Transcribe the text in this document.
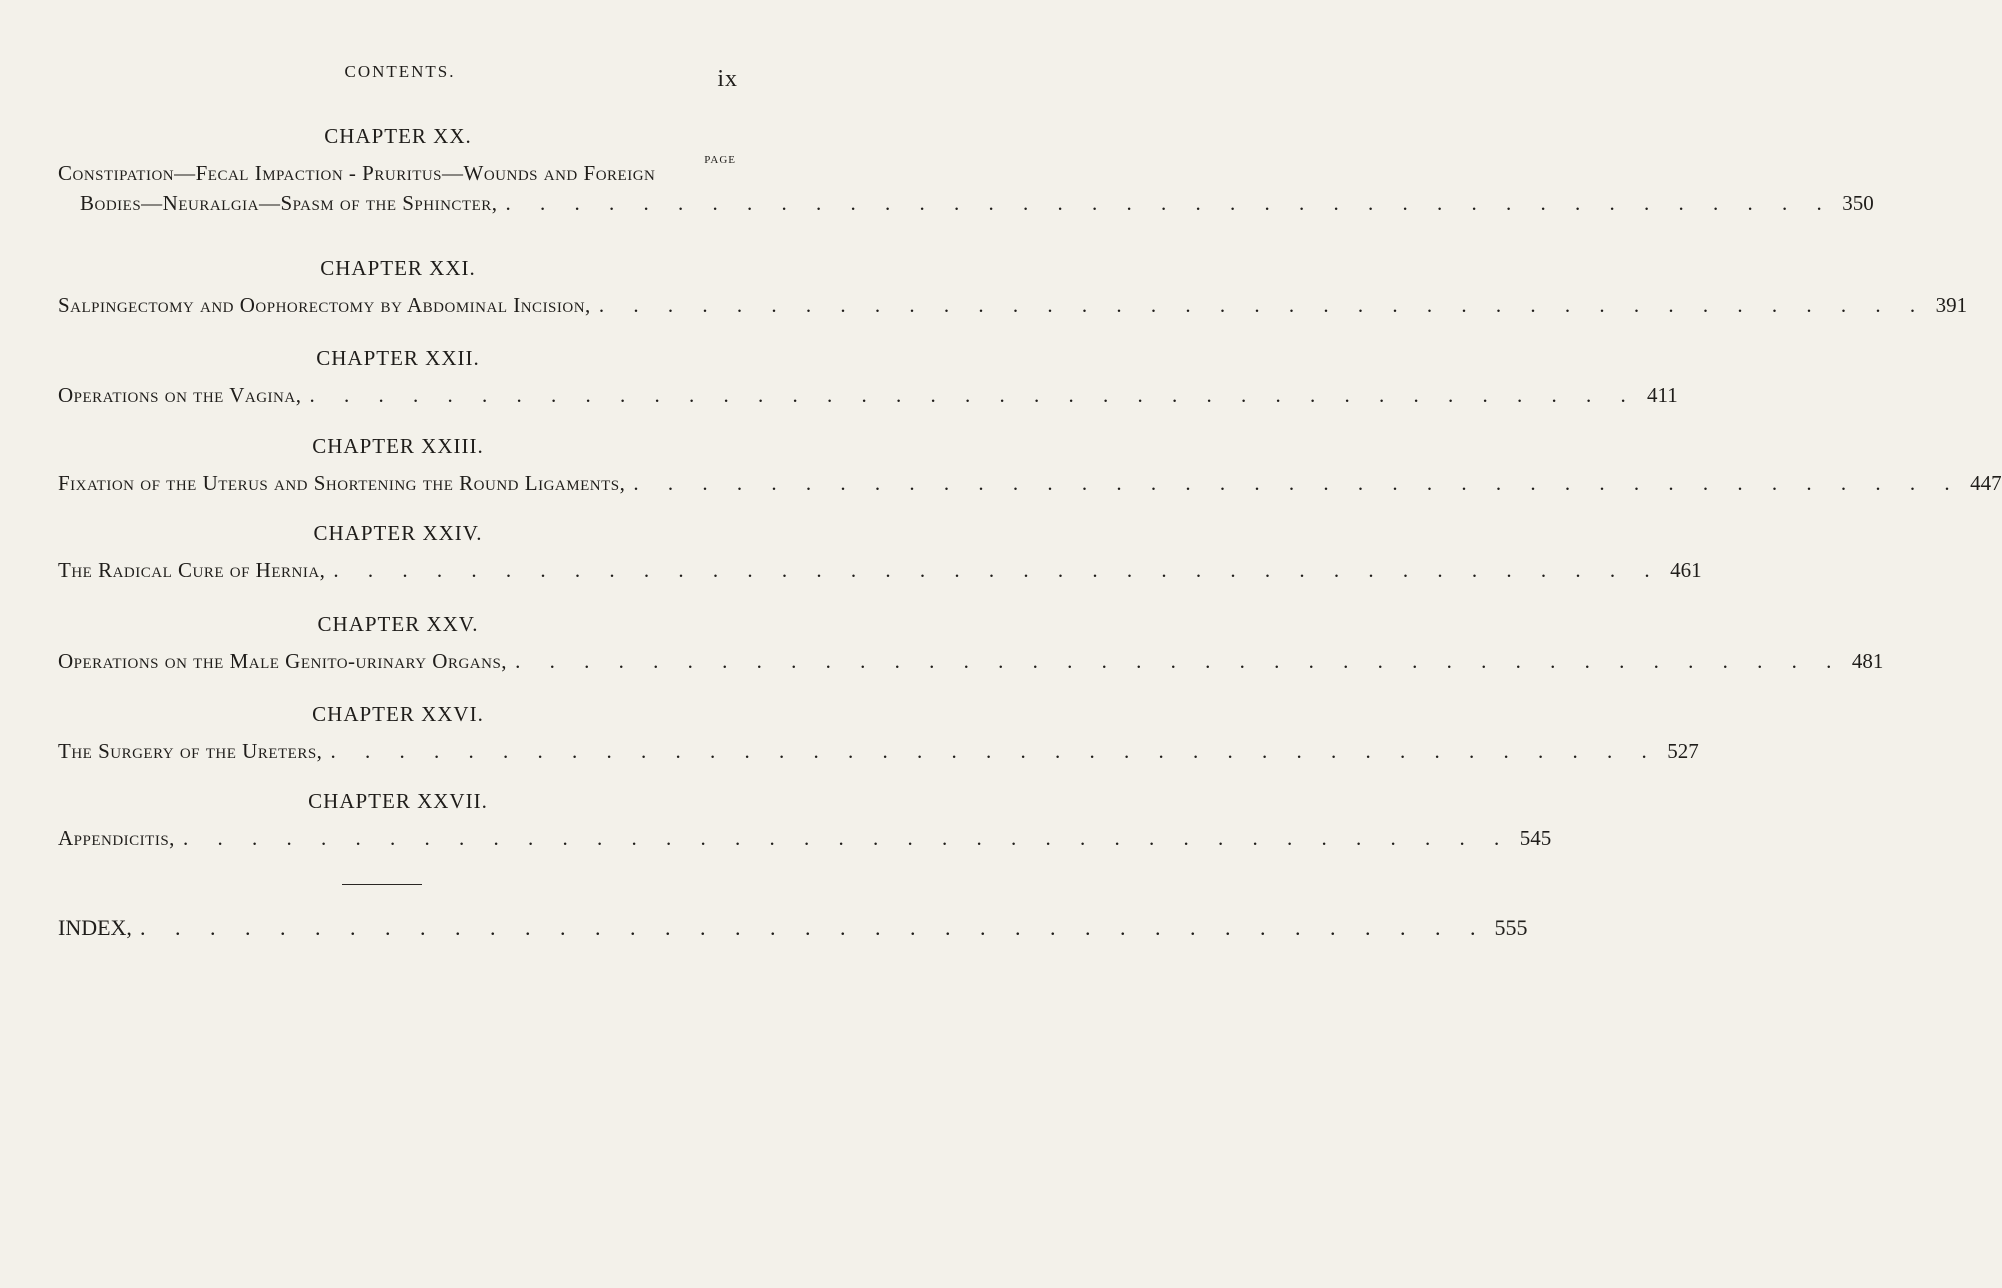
CONTENTS.	ix
PAGE
CHAPTER XX.
Constipation—Fecal Impaction - Pruritus—Wounds and Foreign
Bodies—Neuralgia—Spasm of the Sphincter, . . . . . . . . . . . . . . . . . . . . . . . . . . . . . . . . . . . . . . . 350
CHAPTER XXI.
Salpingectomy and Oophorectomy by Abdominal Incision, . . . . . . . . . . . . . . . . . . . . . . . . . . . . . . . . . . . . . . . 391
CHAPTER XXII.
Operations on the Vagina, . . . . . . . . . . . . . . . . . . . . . . . . . . . . . . . . . . . . . . . 411
CHAPTER XXIII.
Fixation of the Uterus and Shortening the Round Ligaments, . . . . . . . . . . . . . . . . . . . . . . . . . . . . . . . . . . . . . . . 447
CHAPTER XXIV.
The Radical Cure of Hernia, . . . . . . . . . . . . . . . . . . . . . . . . . . . . . . . . . . . . . . . 461
CHAPTER XXV.
Operations on the Male Genito-urinary Organs, . . . . . . . . . . . . . . . . . . . . . . . . . . . . . . . . . . . . . . . 481
CHAPTER XXVI.
The Surgery of the Ureters, . . . . . . . . . . . . . . . . . . . . . . . . . . . . . . . . . . . . . . . 527
CHAPTER XXVII.
Appendicitis, . . . . . . . . . . . . . . . . . . . . . . . . . . . . . . . . . . . . . . . 545
INDEX, . . . . . . . . . . . . . . . . . . . . . . . . . . . . . . . . . . . . . . . 555
